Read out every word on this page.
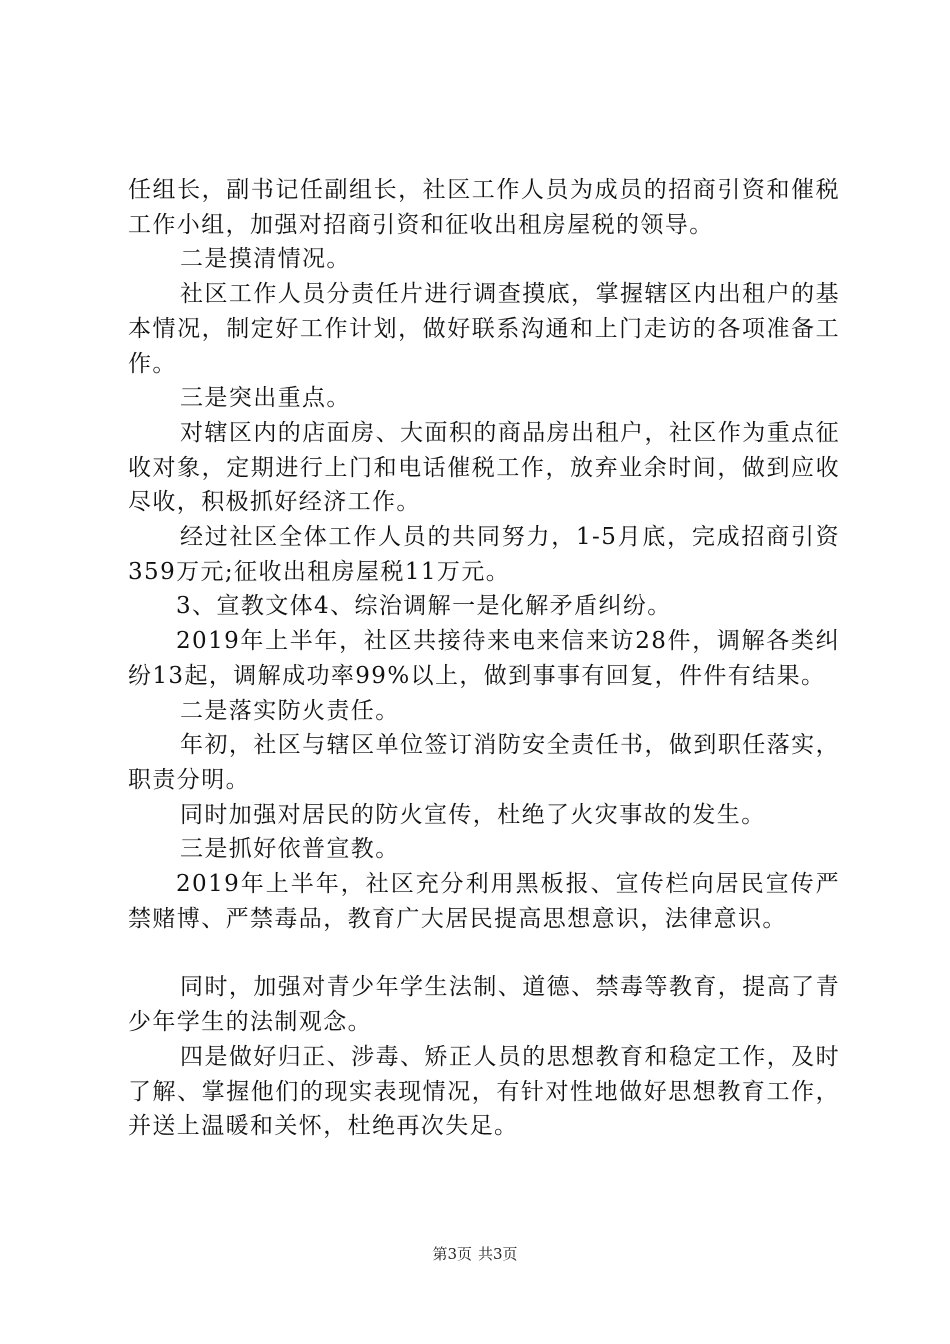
任组长，副书记任副组长，社区工作人员为成员的招商引资和催税工作小组，加强对招商引资和征收出租房屋税的领导。

二是摸清情况。

社区工作人员分责任片进行调查摸底，掌握辖区内出租户的基本情况，制定好工作计划，做好联系沟通和上门走访的各项准备工作。

三是突出重点。

对辖区内的店面房、大面积的商品房出租户，社区作为重点征收对象，定期进行上门和电话催税工作，放弃业余时间，做到应收尽收，积极抓好经济工作。

经过社区全体工作人员的共同努力，1-5月底，完成招商引资359万元;征收出租房屋税11万元。

3、宣教文体4、综治调解一是化解矛盾纠纷。

2019年上半年，社区共接待来电来信来访28件，调解各类纠纷13起，调解成功率99%以上，做到事事有回复，件件有结果。

二是落实防火责任。

年初，社区与辖区单位签订消防安全责任书，做到职任落实，职责分明。

同时加强对居民的防火宣传，杜绝了火灾事故的发生。

三是抓好依普宣教。

2019年上半年，社区充分利用黑板报、宣传栏向居民宣传严禁赌博、严禁毒品，教育广大居民提高思想意识，法律意识。

同时，加强对青少年学生法制、道德、禁毒等教育，提高了青少年学生的法制观念。

四是做好归正、涉毒、矫正人员的思想教育和稳定工作，及时了解、掌握他们的现实表现情况，有针对性地做好思想教育工作，并送上温暖和关怀，杜绝再次失足。

第3页 共3页
